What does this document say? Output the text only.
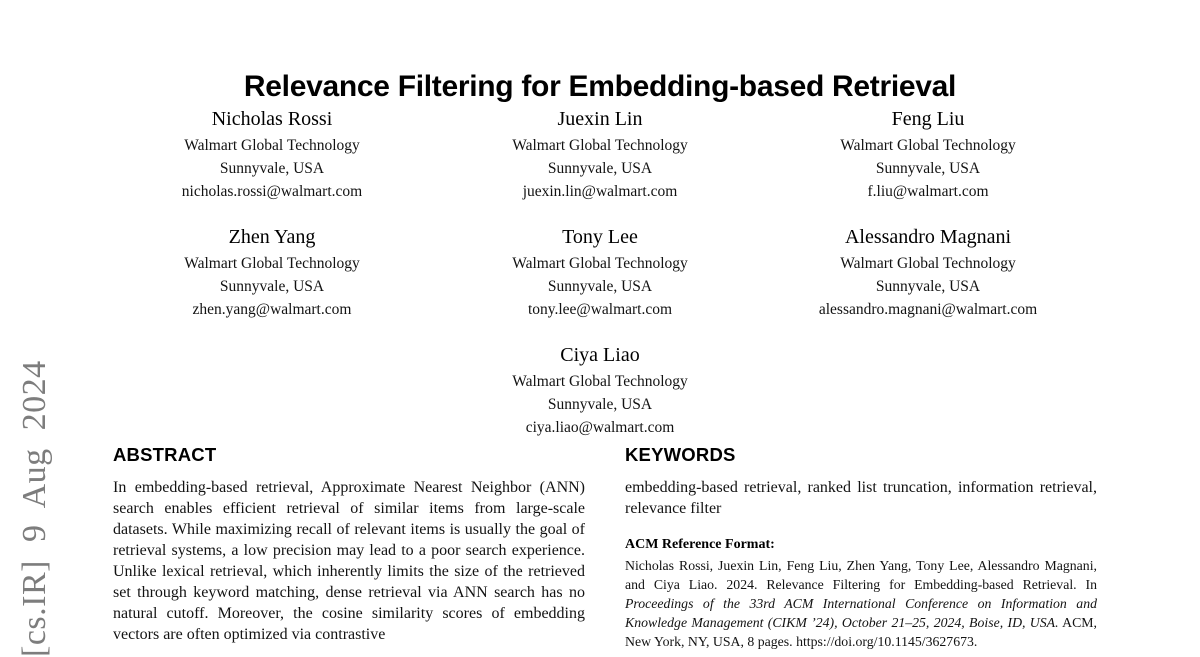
[cs.IR] 9 Aug 2024
Relevance Filtering for Embedding-based Retrieval
Nicholas Rossi
Walmart Global Technology
Sunnyvale, USA
nicholas.rossi@walmart.com
Juexin Lin
Walmart Global Technology
Sunnyvale, USA
juexin.lin@walmart.com
Feng Liu
Walmart Global Technology
Sunnyvale, USA
f.liu@walmart.com
Zhen Yang
Walmart Global Technology
Sunnyvale, USA
zhen.yang@walmart.com
Tony Lee
Walmart Global Technology
Sunnyvale, USA
tony.lee@walmart.com
Alessandro Magnani
Walmart Global Technology
Sunnyvale, USA
alessandro.magnani@walmart.com
Ciya Liao
Walmart Global Technology
Sunnyvale, USA
ciya.liao@walmart.com
ABSTRACT
In embedding-based retrieval, Approximate Nearest Neighbor (ANN) search enables efficient retrieval of similar items from large-scale datasets. While maximizing recall of relevant items is usually the goal of retrieval systems, a low precision may lead to a poor search experience. Unlike lexical retrieval, which inherently limits the size of the retrieved set through keyword matching, dense retrieval via ANN search has no natural cutoff. Moreover, the cosine similarity scores of embedding vectors are often optimized via contrastive
KEYWORDS
embedding-based retrieval, ranked list truncation, information retrieval, relevance filter
ACM Reference Format:
Nicholas Rossi, Juexin Lin, Feng Liu, Zhen Yang, Tony Lee, Alessandro Magnani, and Ciya Liao. 2024. Relevance Filtering for Embedding-based Retrieval. In Proceedings of the 33rd ACM International Conference on Information and Knowledge Management (CIKM ’24), October 21–25, 2024, Boise, ID, USA. ACM, New York, NY, USA, 8 pages. https://doi.org/10.1145/3627673.
